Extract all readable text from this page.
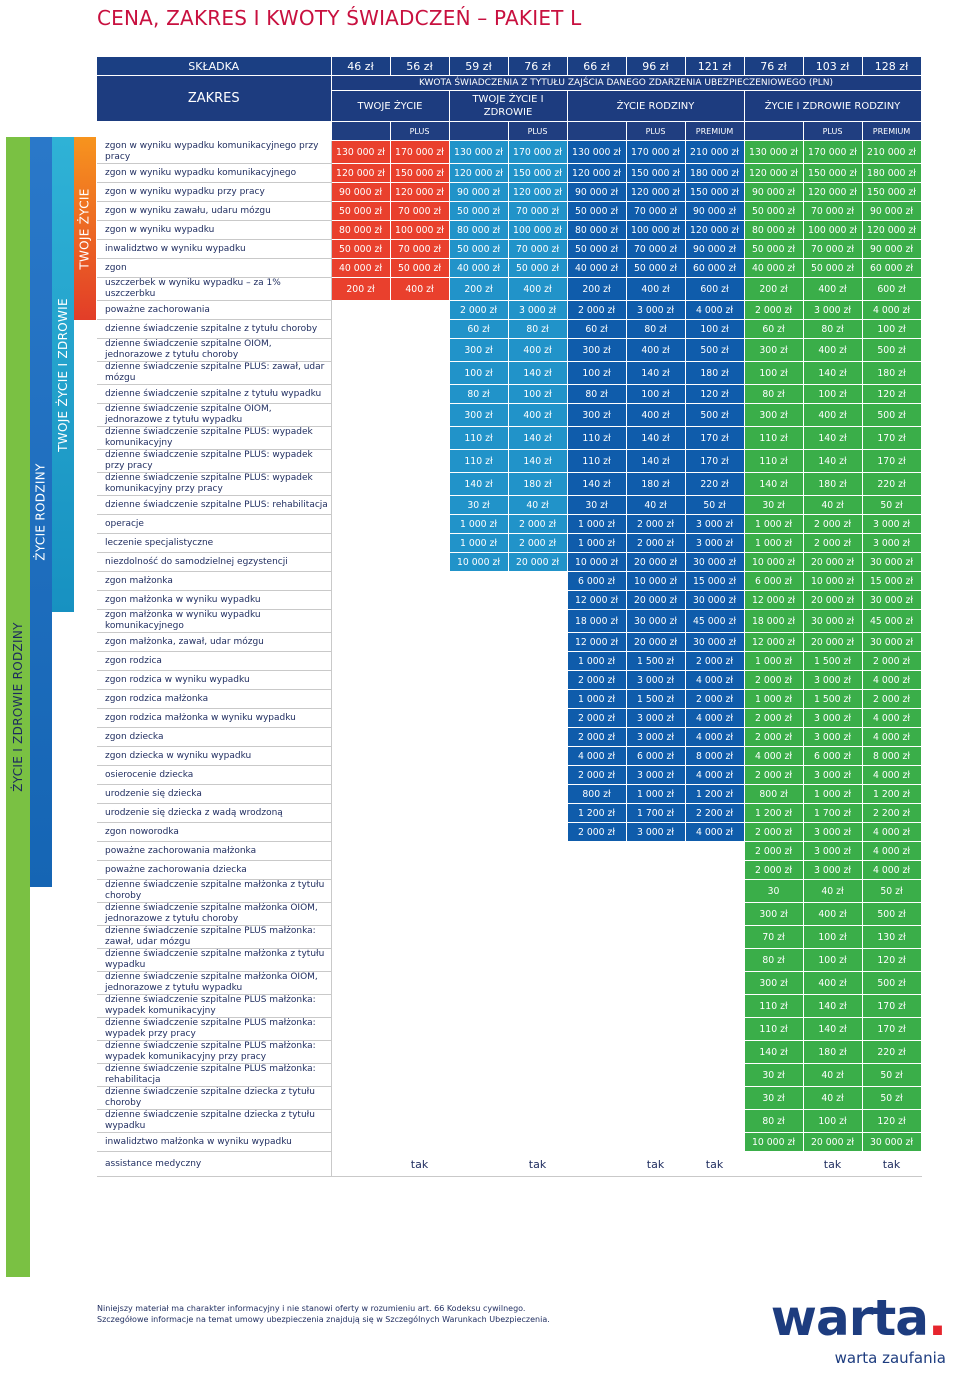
CENA, ZAKRES I KWOTY ŚWIADCZEŃ – PAKIET L
ŻYCIE I ZDROWIE RODZINY
ŻYCIE RODZINY
TWOJE ŻYCIE I ZDROWIE
TWOJE ŻYCIE
SKŁADKA	46 zł	56 zł	59 zł	76 zł	66 zł	96 zł	121 zł	76 zł	103 zł	128 zł
ZAKRES	KWOTA ŚWIADCZENIA Z TYTUŁU ZAJŚCIA DANEGO ZDARZENIA UBEZPIECZENIOWEGO (PLN)									
	TWOJE ŻYCIE		TWOJE ŻYCIE I ZDROWIE		ŻYCIE RODZINY			ŻYCIE I ZDROWIE RODZINY		
		PLUS		PLUS		PLUS	PREMIUM		PLUS	PREMIUM
zgon w wyniku wypadku komunikacyjnego przy pracy	130 000 zł	170 000 zł	130 000 zł	170 000 zł	130 000 zł	170 000 zł	210 000 zł	130 000 zł	170 000 zł	210 000 zł
zgon w wyniku wypadku komunikacyjnego	120 000 zł	150 000 zł	120 000 zł	150 000 zł	120 000 zł	150 000 zł	180 000 zł	120 000 zł	150 000 zł	180 000 zł
zgon w wyniku wypadku przy pracy	90 000 zł	120 000 zł	90 000 zł	120 000 zł	90 000 zł	120 000 zł	150 000 zł	90 000 zł	120 000 zł	150 000 zł
zgon w wyniku zawału, udaru mózgu	50 000 zł	70 000 zł	50 000 zł	70 000 zł	50 000 zł	70 000 zł	90 000 zł	50 000 zł	70 000 zł	90 000 zł
zgon w wyniku wypadku	80 000 zł	100 000 zł	80 000 zł	100 000 zł	80 000 zł	100 000 zł	120 000 zł	80 000 zł	100 000 zł	120 000 zł
inwalidztwo w wyniku wypadku	50 000 zł	70 000 zł	50 000 zł	70 000 zł	50 000 zł	70 000 zł	90 000 zł	50 000 zł	70 000 zł	90 000 zł
zgon	40 000 zł	50 000 zł	40 000 zł	50 000 zł	40 000 zł	50 000 zł	60 000 zł	40 000 zł	50 000 zł	60 000 zł
uszczerbek w wyniku wypadku – za 1% uszczerbku	200 zł	400 zł	200 zł	400 zł	200 zł	400 zł	600 zł	200 zł	400 zł	600 zł
poważne zachorowania			2 000 zł	3 000 zł	2 000 zł	3 000 zł	4 000 zł	2 000 zł	3 000 zł	4 000 zł
dzienne świadczenie szpitalne z tytułu choroby			60 zł	80 zł	60 zł	80 zł	100 zł	60 zł	80 zł	100 zł
dzienne świadczenie szpitalne OIOM, jednorazowe z tytułu choroby			300 zł	400 zł	300 zł	400 zł	500 zł	300 zł	400 zł	500 zł
dzienne świadczenie szpitalne PLUS: zawał, udar mózgu			100 zł	140 zł	100 zł	140 zł	180 zł	100 zł	140 zł	180 zł
dzienne świadczenie szpitalne z tytułu wypadku			80 zł	100 zł	80 zł	100 zł	120 zł	80 zł	100 zł	120 zł
dzienne świadczenie szpitalne OIOM, jednorazowe z tytułu wypadku			300 zł	400 zł	300 zł	400 zł	500 zł	300 zł	400 zł	500 zł
dzienne świadczenie szpitalne PLUS: wypadek komunikacyjny			110 zł	140 zł	110 zł	140 zł	170 zł	110 zł	140 zł	170 zł
dzienne świadczenie szpitalne PLUS: wypadek przy pracy			110 zł	140 zł	110 zł	140 zł	170 zł	110 zł	140 zł	170 zł
dzienne świadczenie szpitalne PLUS: wypadek komunikacyjny przy pracy			140 zł	180 zł	140 zł	180 zł	220 zł	140 zł	180 zł	220 zł
dzienne świadczenie szpitalne PLUS: rehabilitacja			30 zł	40 zł	30 zł	40 zł	50 zł	30 zł	40 zł	50 zł
operacje			1 000 zł	2 000 zł	1 000 zł	2 000 zł	3 000 zł	1 000 zł	2 000 zł	3 000 zł
leczenie specjalistyczne			1 000 zł	2 000 zł	1 000 zł	2 000 zł	3 000 zł	1 000 zł	2 000 zł	3 000 zł
niezdolność do samodzielnej egzystencji			10 000 zł	20 000 zł	10 000 zł	20 000 zł	30 000 zł	10 000 zł	20 000 zł	30 000 zł
zgon małżonka					6 000 zł	10 000 zł	15 000 zł	6 000 zł	10 000 zł	15 000 zł
zgon małżonka w wyniku wypadku					12 000 zł	20 000 zł	30 000 zł	12 000 zł	20 000 zł	30 000 zł
zgon małżonka w wyniku wypadku komunikacyjnego					18 000 zł	30 000 zł	45 000 zł	18 000 zł	30 000 zł	45 000 zł
zgon małżonka, zawał, udar mózgu					12 000 zł	20 000 zł	30 000 zł	12 000 zł	20 000 zł	30 000 zł
zgon rodzica					1 000 zł	1 500 zł	2 000 zł	1 000 zł	1 500 zł	2 000 zł
zgon rodzica w wyniku wypadku					2 000 zł	3 000 zł	4 000 zł	2 000 zł	3 000 zł	4 000 zł
zgon rodzica małżonka					1 000 zł	1 500 zł	2 000 zł	1 000 zł	1 500 zł	2 000 zł
zgon rodzica małżonka w wyniku wypadku					2 000 zł	3 000 zł	4 000 zł	2 000 zł	3 000 zł	4 000 zł
zgon dziecka					2 000 zł	3 000 zł	4 000 zł	2 000 zł	3 000 zł	4 000 zł
zgon dziecka w wyniku wypadku					4 000 zł	6 000 zł	8 000 zł	4 000 zł	6 000 zł	8 000 zł
osierocenie dziecka					2 000 zł	3 000 zł	4 000 zł	2 000 zł	3 000 zł	4 000 zł
urodzenie się dziecka					800 zł	1 000 zł	1 200 zł	800 zł	1 000 zł	1 200 zł
urodzenie się dziecka z wadą wrodzoną					1 200 zł	1 700 zł	2 200 zł	1 200 zł	1 700 zł	2 200 zł
zgon noworodka					2 000 zł	3 000 zł	4 000 zł	2 000 zł	3 000 zł	4 000 zł
poważne zachorowania małżonka								2 000 zł	3 000 zł	4 000 zł
poważne zachorowania dziecka								2 000 zł	3 000 zł	4 000 zł
dzienne świadczenie szpitalne małżonka z tytułu choroby								30	40 zł	50 zł
dzienne świadczenie szpitalne małżonka OIOM, jednorazowe z tytułu choroby								300 zł	400 zł	500 zł
dzienne świadczenie szpitalne PLUS małżonka: zawał, udar mózgu								70 zł	100 zł	130 zł
dzienne świadczenie szpitalne małżonka z tytułu wypadku								80 zł	100 zł	120 zł
dzienne świadczenie szpitalne małżonka OIOM, jednorazowe z tytułu wypadku								300 zł	400 zł	500 zł
dzienne świadczenie szpitalne PLUS małżonka: wypadek komunikacyjny								110 zł	140 zł	170 zł
dzienne świadczenie szpitalne PLUS małżonka: wypadek przy pracy								110 zł	140 zł	170 zł
dzienne świadczenie szpitalne PLUS małżonka: wypadek komunikacyjny przy pracy								140 zł	180 zł	220 zł
dzienne świadczenie szpitalne PLUS małżonka: rehabilitacja								30 zł	40 zł	50 zł
dzienne świadczenie szpitalne dziecka z tytułu choroby								30 zł	40 zł	50 zł
dzienne świadczenie szpitalne dziecka z tytułu wypadku								80 zł	100 zł	120 zł
inwalidztwo małżonka w wyniku wypadku								10 000 zł	20 000 zł	30 000 zł
assistance medyczny		tak		tak		tak	tak		tak	tak
Niniejszy materiał ma charakter informacyjny i nie stanowi oferty w rozumieniu art. 66 Kodeksu cywilnego.
Szczegółowe informacje na temat umowy ubezpieczenia znajdują się w Szczególnych Warunkach Ubezpieczenia.	warta.
warta zaufania
